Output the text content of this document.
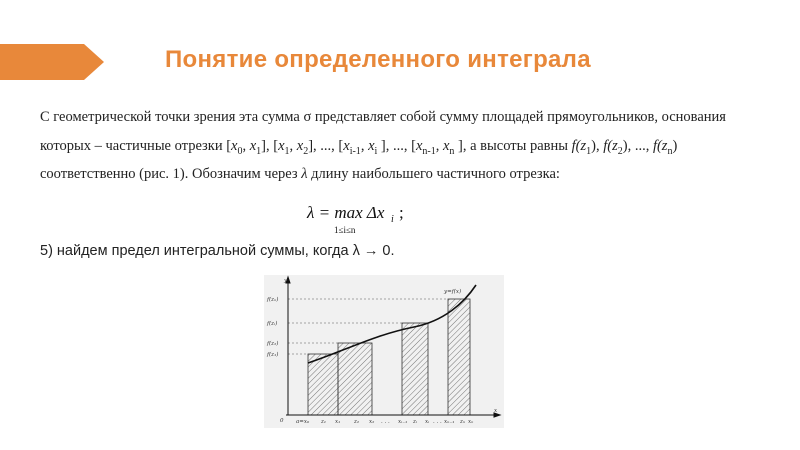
Понятие определенного интеграла
С геометрической точки зрения эта сумма σ представляет собой сумму площадей прямоугольников, основания которых – частичные отрезки [$x_0$, $x_1$], [$x_1$, $x_2$], ..., [$x_{i-1}$, $x_i$ ], ..., [$x_{n-1}$, $x_n$ ], а высоты равны $f(z_1)$, $f(z_2)$, ..., $f(z_n)$ соответственно (рис. 1). Обозначим через λ длину наибольшего частичного отрезка:
λ = max Δx i ;
1≤i≤n
5) найдем предел интегральной суммы, когда λ → 0.
y
x
0
y=f(x)
f(zₙ)
f(zᵢ)
f(z₂)
f(z₁)
a=x₀ z₁ x₁ z₂ x₂ . . . xᵢ₋₁ zᵢ xᵢ . . . xₙ₋₁ zₙ xₙ
